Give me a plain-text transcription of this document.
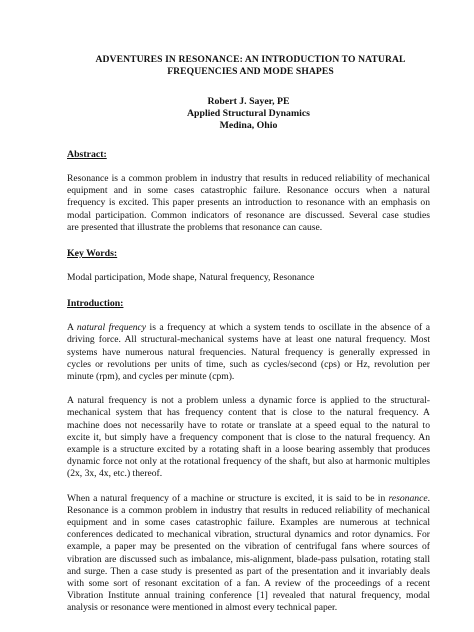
ADVENTURES IN RESONANCE: AN INTRODUCTION TO NATURAL
FREQUENCIES AND MODE SHAPES
Robert J. Sayer, PE
Applied Structural Dynamics
Medina, Ohio
Abstract:
Resonance is a common problem in industry that results in reduced reliability of mechanical
equipment and in some cases catastrophic failure. Resonance occurs when a natural
frequency is excited. This paper presents an introduction to resonance with an emphasis on
modal participation. Common indicators of resonance are discussed. Several case studies
are presented that illustrate the problems that resonance can cause.
Key Words:
Modal participation, Mode shape, Natural frequency, Resonance
Introduction:
A natural frequency is a frequency at which a system tends to oscillate in the absence of a
driving force. All structural-mechanical systems have at least one natural frequency. Most
systems have numerous natural frequencies. Natural frequency is generally expressed in
cycles or revolutions per units of time, such as cycles/second (cps) or Hz, revolution per
minute (rpm), and cycles per minute (cpm).
A natural frequency is not a problem unless a dynamic force is applied to the structural-
mechanical system that has frequency content that is close to the natural frequency. A
machine does not necessarily have to rotate or translate at a speed equal to the natural to
excite it, but simply have a frequency component that is close to the natural frequency. An
example is a structure excited by a rotating shaft in a loose bearing assembly that produces
dynamic force not only at the rotational frequency of the shaft, but also at harmonic multiples
(2x, 3x, 4x, etc.) thereof.
When a natural frequency of a machine or structure is excited, it is said to be in resonance.
Resonance is a common problem in industry that results in reduced reliability of mechanical
equipment and in some cases catastrophic failure. Examples are numerous at technical
conferences dedicated to mechanical vibration, structural dynamics and rotor dynamics. For
example, a paper may be presented on the vibration of centrifugal fans where sources of
vibration are discussed such as imbalance, mis-alignment, blade-pass pulsation, rotating stall
and surge. Then a case study is presented as part of the presentation and it invariably deals
with some sort of resonant excitation of a fan. A review of the proceedings of a recent
Vibration Institute annual training conference [1] revealed that natural frequency, modal
analysis or resonance were mentioned in almost every technical paper.
